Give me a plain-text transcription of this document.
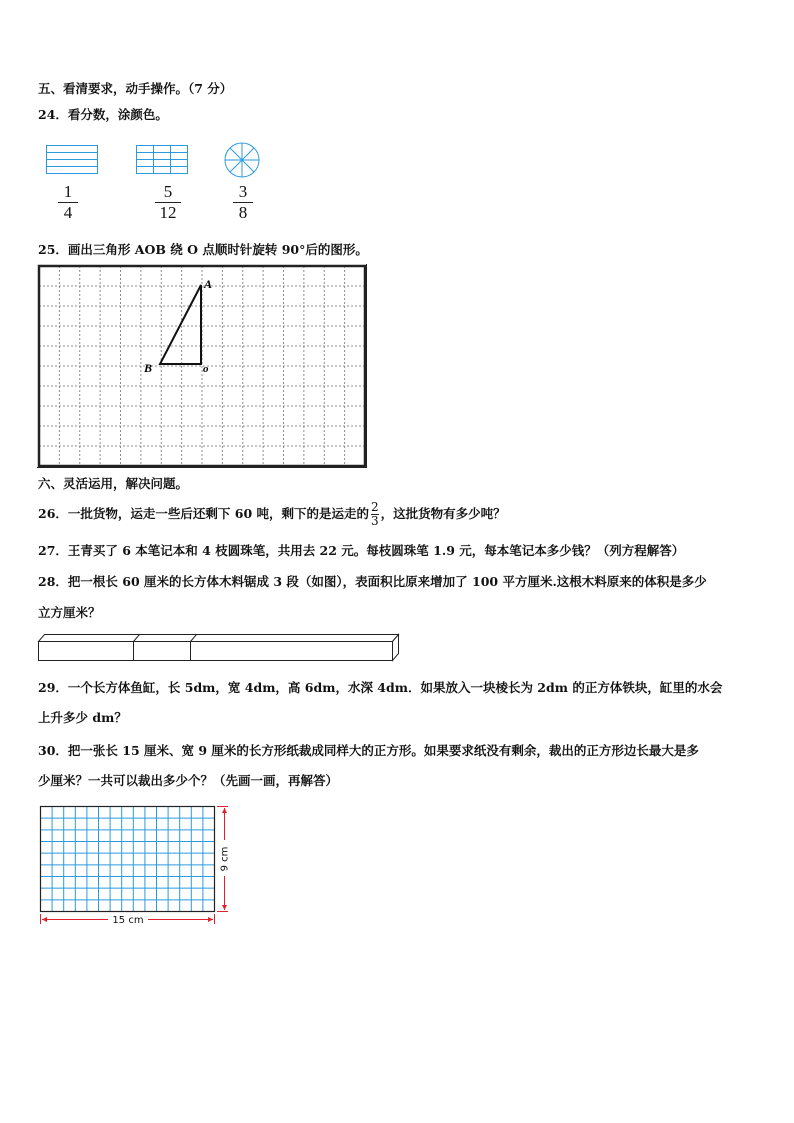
五、看清要求，动手操作。（7 分）
24．看分数，涂颜色。
1
4
5
12
3
8
25．画出三角形 AOB 绕 O 点顺时针旋转 90°后的图形。
A
B	o
六、灵活运用，解决问题。
26．一批货物，运走一些后还剩下 60 吨，剩下的是运走的 $\frac{2}{3}$ ，这批货物有多少吨？
27．王青买了 6 本笔记本和 4 枝圆珠笔，共用去 22 元。每枝圆珠笔 1.9 元，每本笔记本多少钱？（列方程解答）
28．把一根长 60 厘米的长方体木料锯成 3 段（如图），表面积比原来增加了 100 平方厘米.这根木料原来的体积是多少
立方厘米？
29．一个长方体鱼缸，长 5dm，宽 4dm，高 6dm，水深 4dm．如果放入一块棱长为 2dm 的正方体铁块，缸里的水会
上升多少 dm？
30．把一张长 15 厘米、宽 9 厘米的长方形纸裁成同样大的正方形。如果要求纸没有剩余，裁出的正方形边长最大是多
少厘米？一共可以裁出多少个？（先画一画，再解答）
15 cm
9 cm
